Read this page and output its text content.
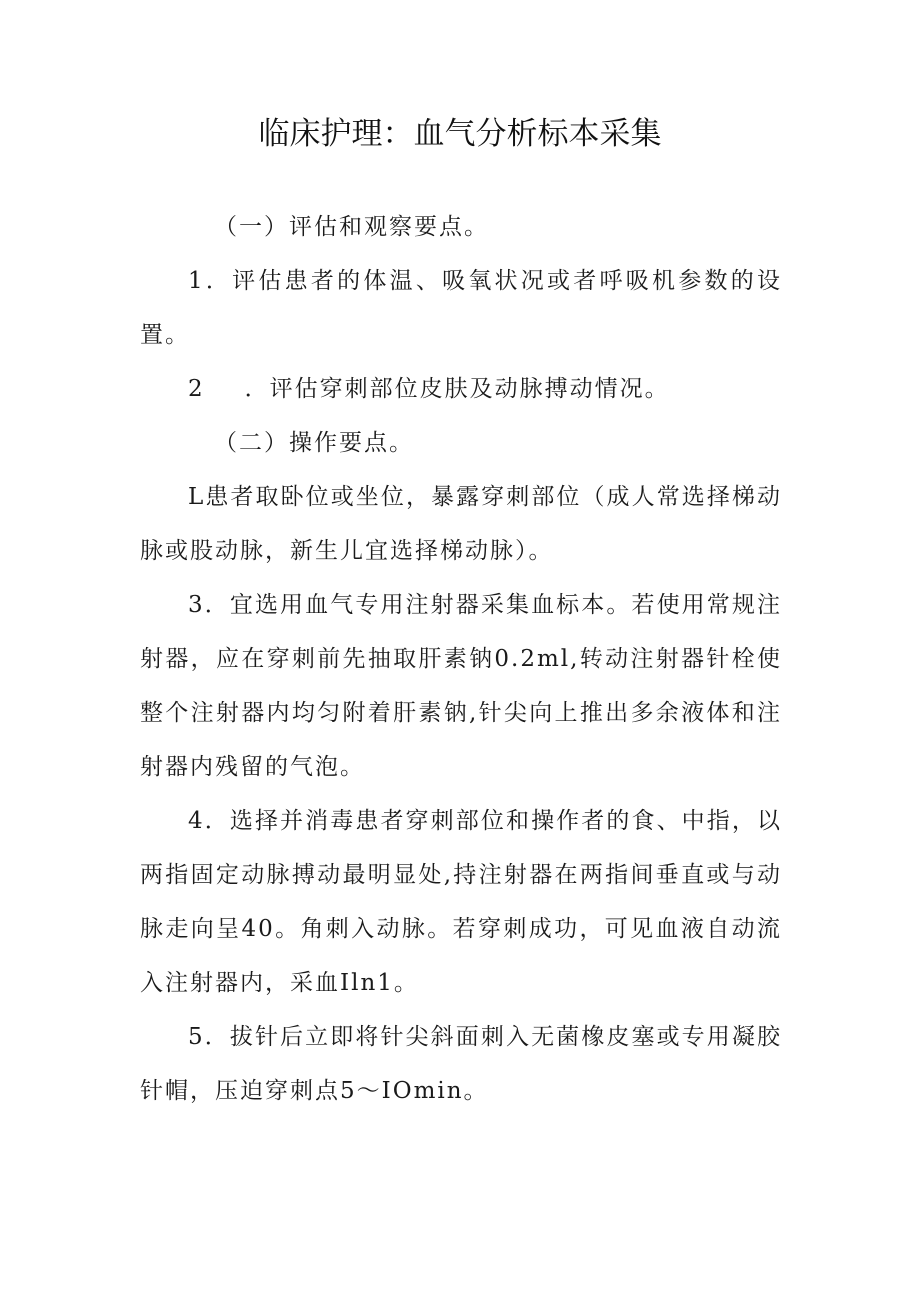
临床护理：血气分析标本采集

（一）评估和观察要点。

1．评估患者的体温、吸氧状况或者呼吸机参数的设置。

2 ．评估穿刺部位皮肤及动脉搏动情况。

（二）操作要点。

L患者取卧位或坐位，暴露穿刺部位（成人常选择梯动脉或股动脉，新生儿宜选择梯动脉）。

3．宜选用血气专用注射器采集血标本。若使用常规注射器，应在穿刺前先抽取肝素钠0.2ml,转动注射器针栓使整个注射器内均匀附着肝素钠,针尖向上推出多余液体和注射器内残留的气泡。

4．选择并消毒患者穿刺部位和操作者的食、中指，以两指固定动脉搏动最明显处,持注射器在两指间垂直或与动脉走向呈40。角刺入动脉。若穿刺成功，可见血液自动流入注射器内，采血Iln1。

5．拔针后立即将针尖斜面刺入无菌橡皮塞或专用凝胶针帽，压迫穿刺点5～IOmin。
